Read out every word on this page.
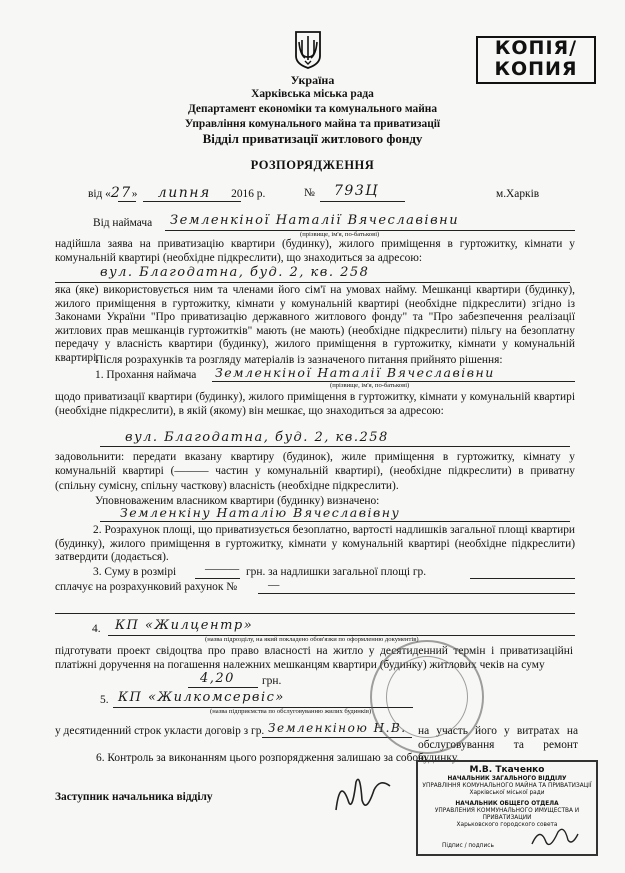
КОПІЯ/
КОПИЯ
Україна
Харківська міська рада
Департамент економіки та комунального майна
Управління комунального майна та приватизації
Відділ приватизації житлового фонду
РОЗПОРЯДЖЕННЯ
від «27» липня 2016 р.	№ 793Ц	м.Харків
Від наймача Земленкіної Наталії Вячеславівни
(прізвище, ім'я, по-батькові)
надійшла заява на приватизацію квартири (будинку), жилого приміщення в гуртожитку, кімнати у комунальній квартирі (необхідне підкреслити), що знаходиться за адресою:
вул. Благодатна, буд. 2, кв. 258
яка (яке) використовується ним та членами його сім'ї на умовах найму. Мешканці квартири (будинку), жилого приміщення в гуртожитку, кімнати у комунальній квартирі (необхідне підкреслити) згідно із Законами України "Про приватизацію державного житлового фонду" та "Про забезпечення реалізації житлових прав мешканців гуртожитків" мають (не мають) (необхідне підкреслити) пільгу на безоплатну передачу у власність квартири (будинку), жилого приміщення в гуртожитку, кімнати у комунальній квартирі.
Після розрахунків та розгляду матеріалів із зазначеного питання прийнято рішення:
1. Прохання наймача Земленкіної Наталії Вячеславівни
(прізвище, ім'я, по-батькові)
щодо приватизації квартири (будинку), жилого приміщення в гуртожитку, кімнати у комунальній квартирі (необхідне підкреслити), в якій (якому) він мешкає, що знаходиться за адресою:
вул. Благодатна, буд. 2, кв.258
задовольнити: передати вказану квартиру (будинок), жиле приміщення в гуртожитку, кімнату у комунальній квартирі (——— частин у комунальній квартирі), (необхідне підкреслити) в приватну (спільну сумісну, спільну часткову) власність (необхідне підкреслити).
Уповноваженим власником квартири (будинку) визначено:
Земленкіну Наталію Вячеславівну
2. Розрахунок площі, що приватизується безоплатно, вартості надлишків загальної площі квартири (будинку), жилого приміщення в гуртожитку, кімнати у комунальній квартирі (необхідне підкреслити) затвердити (додається).
3. Суму в розмірі	——— грн. за надлишки загальної площі гр.
сплачує на розрахунковий рахунок №	—
4. КП «Жилцентр»
(назва підрозділу, на який покладено обов'язки по оформленню документів)
підготувати проект свідоцтва про право власності на житло у десятиденний термін і приватизаційні платіжні доручення на погашення належних мешканцям квартири (будинку) житлових чеків на суму
4,20 грн.
5. КП «Жилкомсервіс»
(назва підприємства по обслуговуванню жилих будинків)
у десятиденний строк укласти договір з гр. Земленкіною Н.В. на участь його у витратах на обслуговування та ремонт будинку.
6. Контроль за виконанням цього розпорядження залишаю за собою.
Заступник начальника відділу
М.В. Ткаченко
НАЧАЛЬНИК ЗАГАЛЬНОГО ВІДДІЛУ
УПРАВЛІННЯ КОМУНАЛЬНОГО МАЙНА ТА ПРИВАТИЗАЦІЇ
Харківської міської ради
НАЧАЛЬНИК ОБЩЕГО ОТДЕЛА
УПРАВЛЕНИЯ КОММУНАЛЬНОГО ИМУЩЕСТВА И ПРИВАТИЗАЦИИ
Харьковского городского совета
Підпис / подпись
